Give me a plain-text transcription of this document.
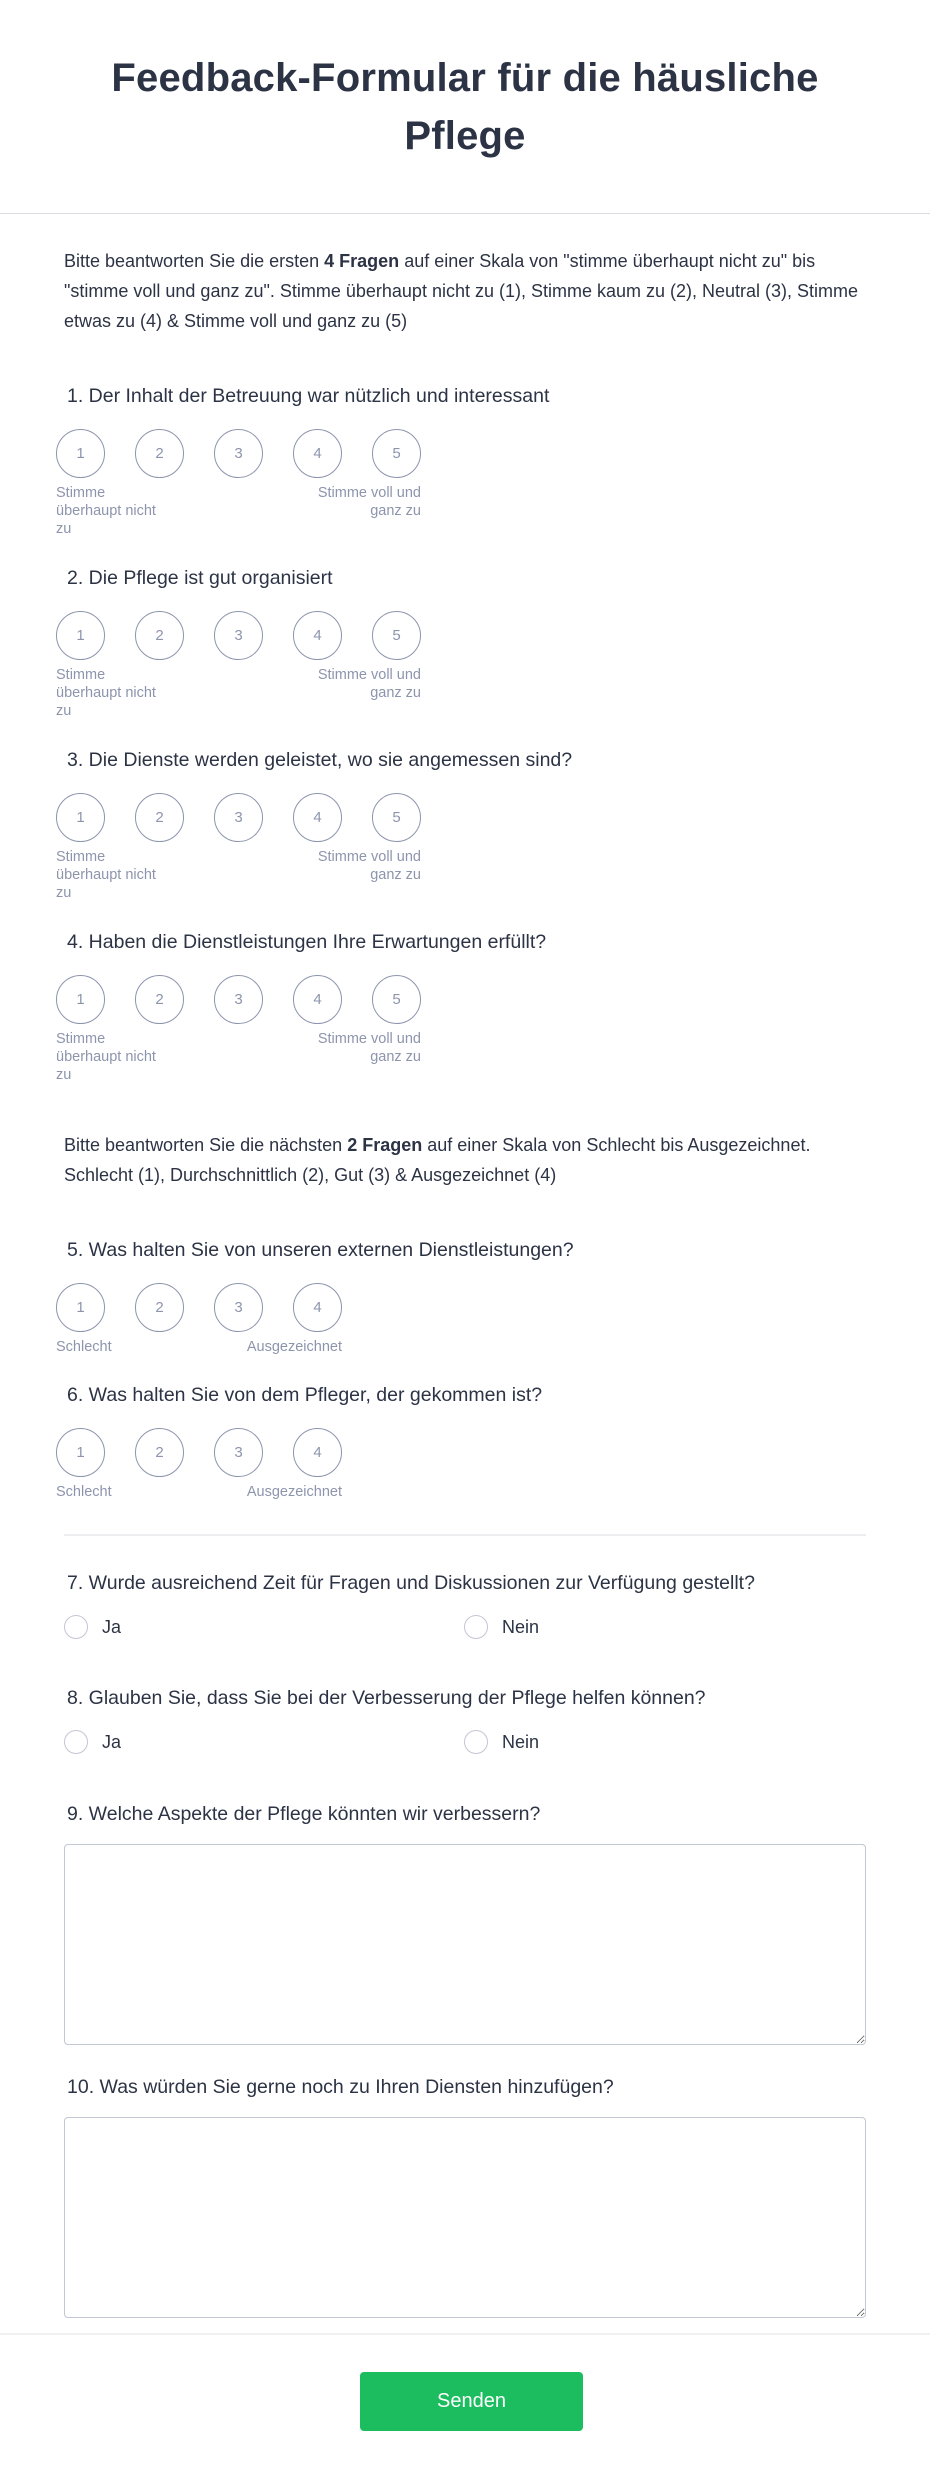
Feedback-Formular für die häusliche Pflege

Bitte beantworten Sie die ersten 4 Fragen auf einer Skala von "stimme überhaupt nicht zu" bis "stimme voll und ganz zu". Stimme überhaupt nicht zu (1), Stimme kaum zu (2), Neutral (3), Stimme etwas zu (4) & Stimme voll und ganz zu (5)

1. Der Inhalt der Betreuung war nützlich und interessant
1	2	3	4	5
Stimme überhaupt nicht zu
Stimme voll und ganz zu
2. Die Pflege ist gut organisiert
1	2	3	4	5
Stimme überhaupt nicht zu
Stimme voll und ganz zu
3. Die Dienste werden geleistet, wo sie angemessen sind?
1	2	3	4	5
Stimme überhaupt nicht zu
Stimme voll und ganz zu
4. Haben die Dienstleistungen Ihre Erwartungen erfüllt?
1	2	3	4	5
Stimme überhaupt nicht zu
Stimme voll und ganz zu

Bitte beantworten Sie die nächsten 2 Fragen auf einer Skala von Schlecht bis Ausgezeichnet. Schlecht (1), Durchschnittlich (2), Gut (3) & Ausgezeichnet (4)

5. Was halten Sie von unseren externen Dienstleistungen?
1	2	3	4
Schlecht	Ausgezeichnet
6. Was halten Sie von dem Pfleger, der gekommen ist?
1	2	3	4
Schlecht	Ausgezeichnet
7. Wurde ausreichend Zeit für Fragen und Diskussionen zur Verfügung gestellt?
Ja	Nein
8. Glauben Sie, dass Sie bei der Verbesserung der Pflege helfen können?
Ja	Nein
9. Welche Aspekte der Pflege könnten wir verbessern?
10. Was würden Sie gerne noch zu Ihren Diensten hinzufügen?
Senden
